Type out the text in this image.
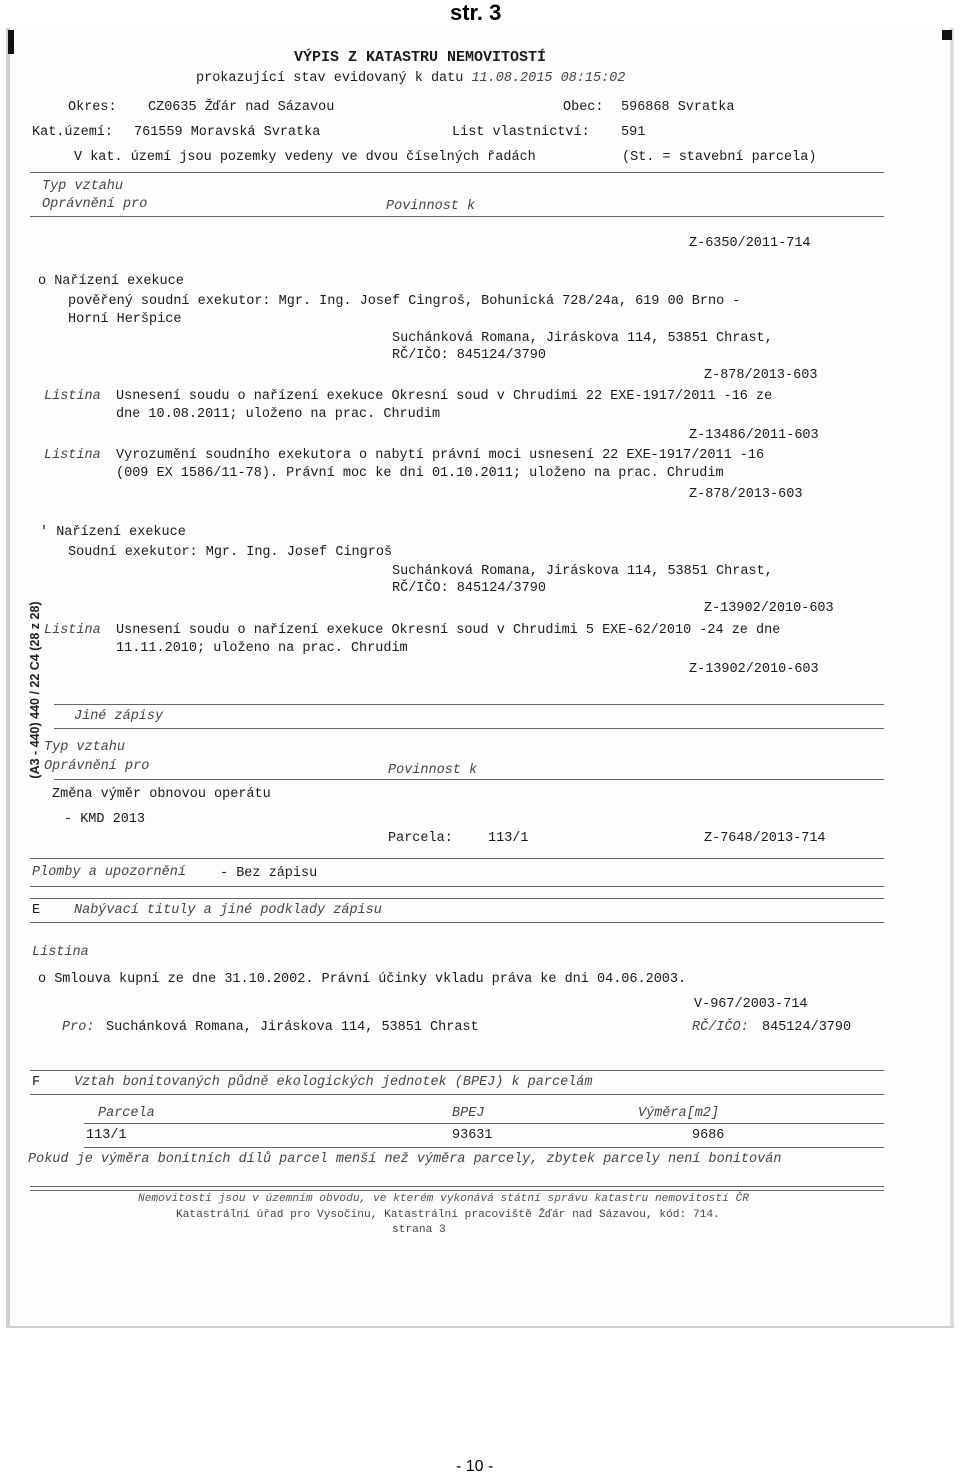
str. 3
(A3 - 440) 440 / 22 C4 (28 z 28)
VÝPIS Z KATASTRU NEMOVITOSTÍ
prokazující stav evidovaný k datu 11.08.2015 08:15:02
Okres: CZ0635 Žďár nad Sázavou	Obec: 596868 Svratka
Kat.území: 761559 Moravská Svratka	List vlastnictví: 591
V kat. území jsou pozemky vedeny ve dvou číselných řadách	(St. = stavební parcela)
Typ vztahu
Oprávnění pro	Povinnost k
Z-6350/2011-714
o Nařízení exekuce
pověřený soudní exekutor: Mgr. Ing. Josef Cingroš, Bohunická 728/24a, 619 00 Brno -
Horní Heršpice
Suchánková Romana, Jiráskova 114, 53851 Chrast,
RČ/IČO: 845124/3790
Z-878/2013-603
Listina Usnesení soudu o nařízení exekuce Okresní soud v Chrudimi 22 EXE-1917/2011 -16 ze
dne 10.08.2011; uloženo na prac. Chrudim
Z-13486/2011-603
Listina Vyrozumění soudního exekutora o nabytí právní moci usnesení 22 EXE-1917/2011 -16
(009 EX 1586/11-78). Právní moc ke dni 01.10.2011; uloženo na prac. Chrudim
Z-878/2013-603
' Nařízení exekuce
Soudní exekutor: Mgr. Ing. Josef Cingroš
Suchánková Romana, Jiráskova 114, 53851 Chrast,
RČ/IČO: 845124/3790
Z-13902/2010-603
Listina Usnesení soudu o nařízení exekuce Okresní soud v Chrudimi 5 EXE-62/2010 -24 ze dne
11.11.2010; uloženo na prac. Chrudim
Z-13902/2010-603
Jiné zápisy
Typ vztahu
Oprávnění pro	Povinnost k
Změna výměr obnovou operátu
- KMD 2013
Parcela:	113/1	Z-7648/2013-714
Plomby a upozornění	- Bez zápisu
E	Nabývací tituly a jiné podklady zápisu
Listina
o Smlouva kupní ze dne 31.10.2002. Právní účinky vkladu práva ke dni 04.06.2003.
V-967/2003-714
Pro: Suchánková Romana, Jiráskova 114, 53851 Chrast	RČ/IČO: 845124/3790
F	Vztah bonitovaných půdně ekologických jednotek (BPEJ) k parcelám
Parcela	BPEJ	Výměra[m2]
113/1	93631	9686
Pokud je výměra bonitních dílů parcel menší než výměra parcely, zbytek parcely není bonitován
Nemovitosti jsou v územním obvodu, ve kterém vykonává státní správu katastru nemovitostí ČR
Katastrální úřad pro Vysočinu, Katastrální pracoviště Žďár nad Sázavou, kód: 714.
strana 3
- 10 -
